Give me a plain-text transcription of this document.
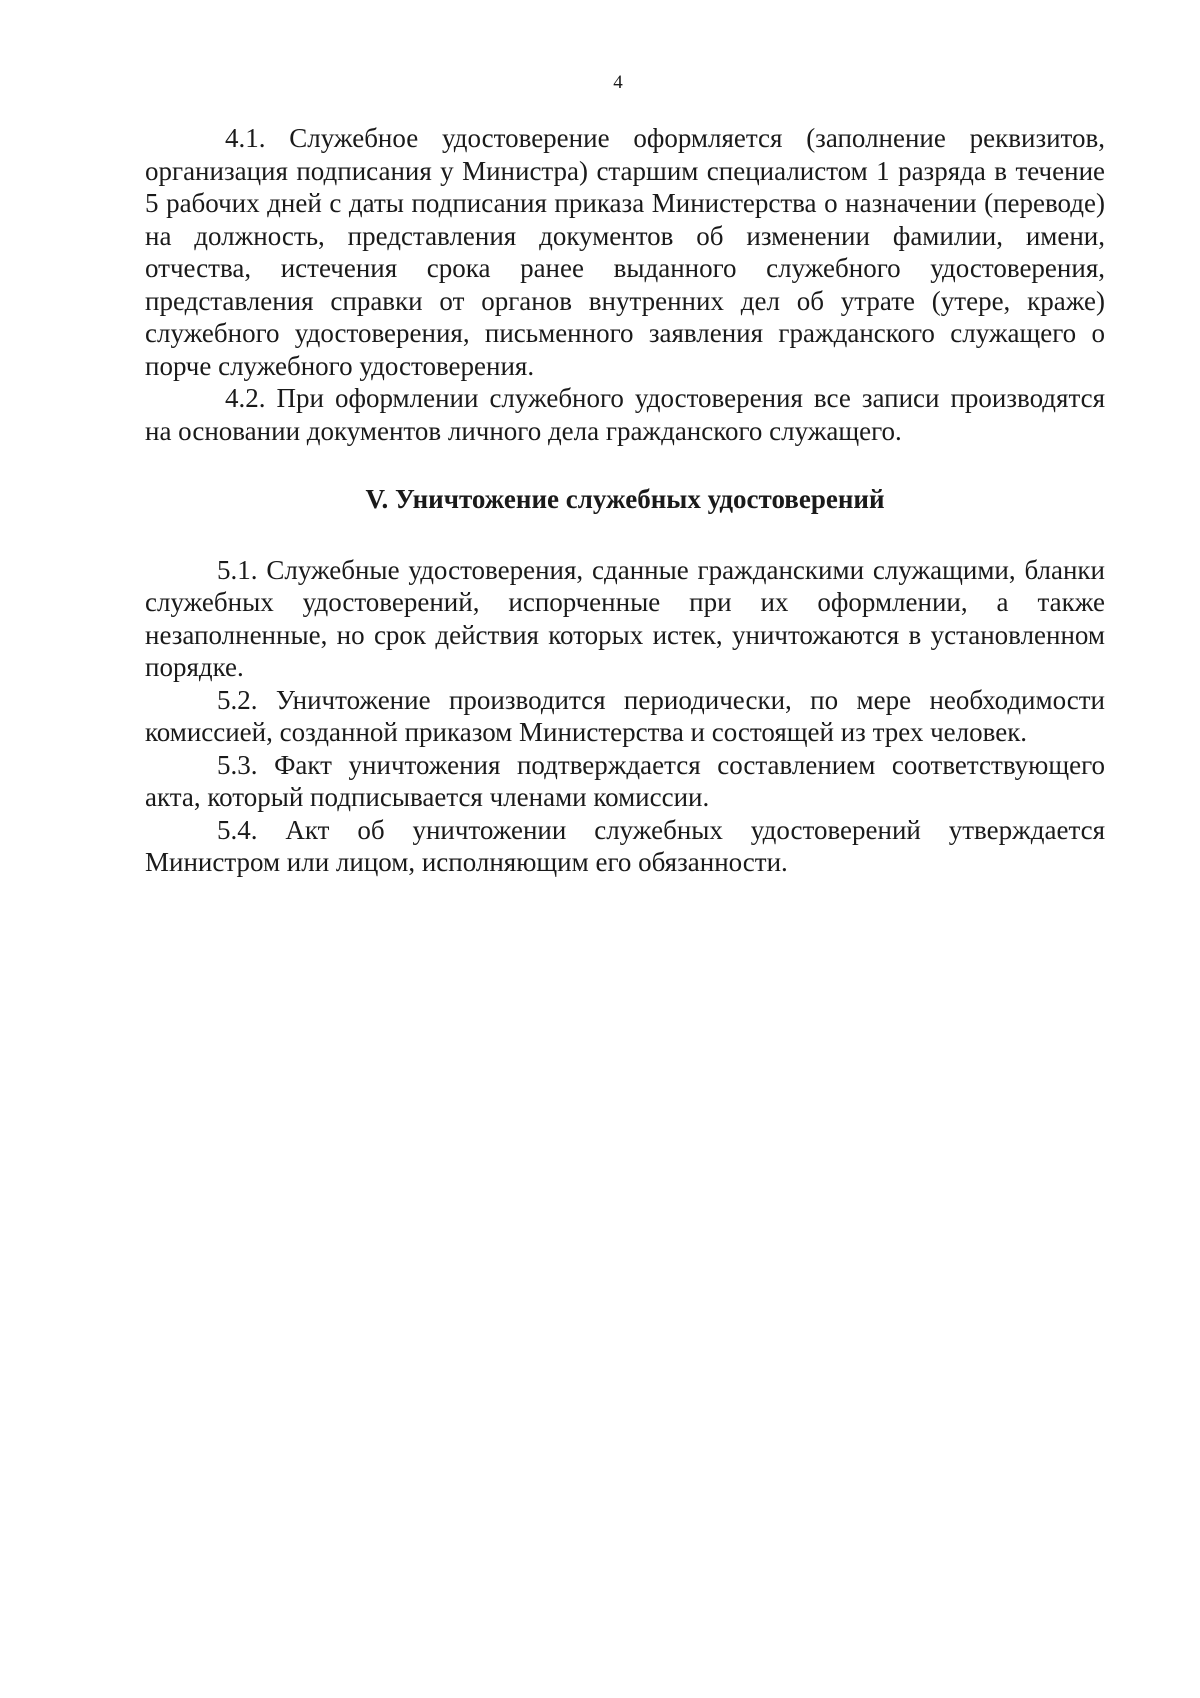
4

4.1. Служебное удостоверение оформляется (заполнение реквизитов, организация подписания у Министра) старшим специалистом 1 разряда в течение 5 рабочих дней с даты подписания приказа Министерства о назначении (переводе) на должность, представления документов об изменении фамилии, имени, отчества, истечения срока ранее выданного служебного удостоверения, представления справки от органов внутренних дел об утрате (утере, краже) служебного удостоверения, письменного заявления гражданского служащего о порче служебного удостоверения.

4.2. При оформлении служебного удостоверения все записи производятся на основании документов личного дела гражданского служащего.

V. Уничтожение служебных удостоверений

5.1. Служебные удостоверения, сданные гражданскими служащими, бланки служебных удостоверений, испорченные при их оформлении, а также незаполненные, но срок действия которых истек, уничтожаются в установленном порядке.

5.2. Уничтожение производится периодически, по мере необходимости комиссией, созданной приказом Министерства и состоящей из трех человек.

5.3. Факт уничтожения подтверждается составлением соответствующего акта, который подписывается членами комиссии.

5.4. Акт об уничтожении служебных удостоверений утверждается Министром или лицом, исполняющим его обязанности.
